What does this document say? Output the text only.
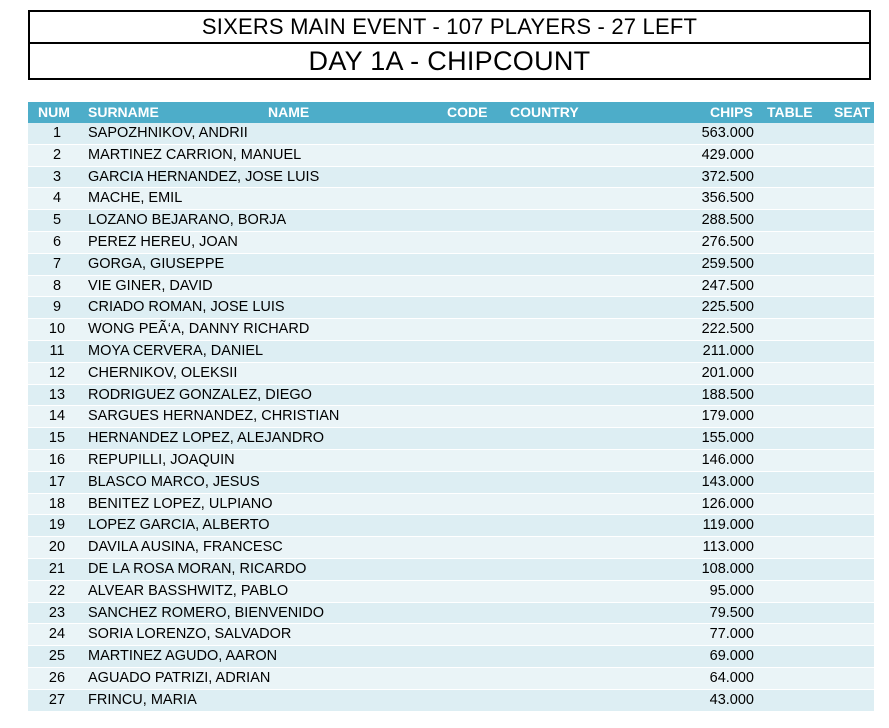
SIXERS MAIN EVENT - 107 PLAYERS - 27 LEFT
DAY 1A - CHIPCOUNT
NUM SURNAME	NAME	CODE COUNTRY	CHIPS TABLE SEAT
1	SAPOZHNIKOV, ANDRII	563.000
2	MARTINEZ CARRION, MANUEL	429.000
3	GARCIA HERNANDEZ, JOSE LUIS	372.500
4	MACHE, EMIL	356.500
5	LOZANO BEJARANO, BORJA	288.500
6	PEREZ HEREU, JOAN	276.500
7	GORGA, GIUSEPPE	259.500
8	VIE GINER, DAVID	247.500
9	CRIADO ROMAN, JOSE LUIS	225.500
10	WONG PEÃ‘A, DANNY RICHARD	222.500
11	MOYA CERVERA, DANIEL	211.000
12	CHERNIKOV, OLEKSII	201.000
13	RODRIGUEZ GONZALEZ, DIEGO	188.500
14	SARGUES HERNANDEZ, CHRISTIAN	179.000
15	HERNANDEZ LOPEZ, ALEJANDRO	155.000
16	REPUPILLI, JOAQUIN	146.000
17	BLASCO MARCO, JESUS	143.000
18	BENITEZ LOPEZ, ULPIANO	126.000
19	LOPEZ GARCIA, ALBERTO	119.000
20	DAVILA AUSINA, FRANCESC	113.000
21	DE LA ROSA MORAN, RICARDO	108.000
22	ALVEAR BASSHWITZ, PABLO	95.000
23	SANCHEZ ROMERO, BIENVENIDO	79.500
24	SORIA LORENZO, SALVADOR	77.000
25	MARTINEZ AGUDO, AARON	69.000
26	AGUADO PATRIZI, ADRIAN	64.000
27	FRINCU, MARIA	43.000
